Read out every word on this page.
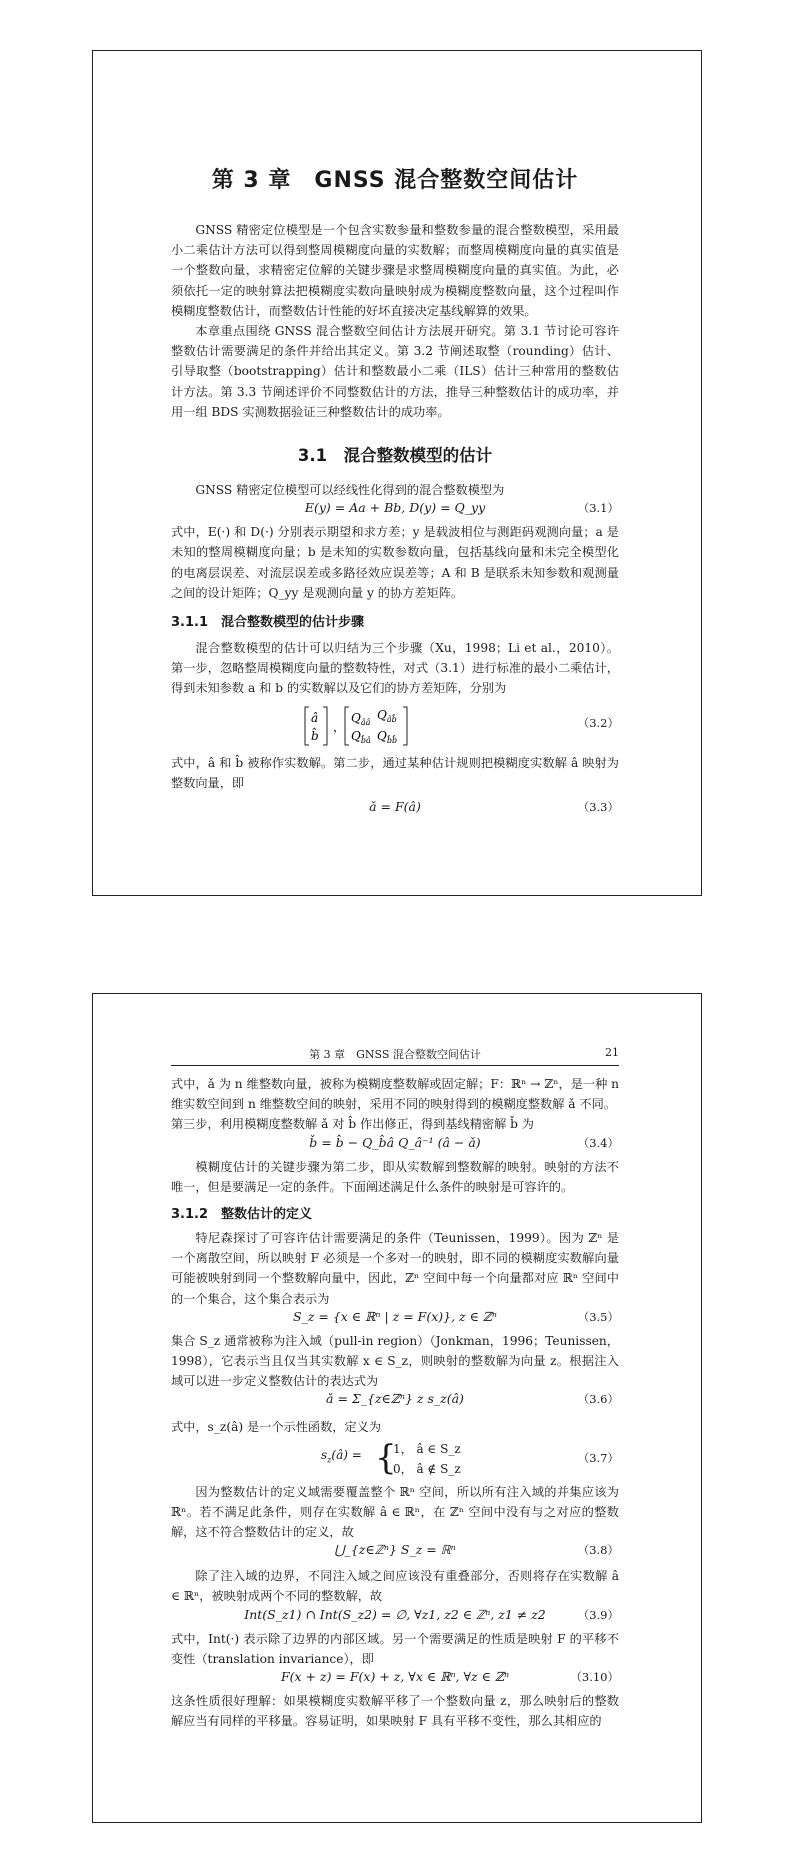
第 3 章　GNSS 混合整数空间估计

GNSS 精密定位模型是一个包含实数参量和整数参量的混合整数模型，采用最小二乘估计方法可以得到整周模糊度向量的实数解；而整周模糊度向量的真实值是一个整数向量，求精密定位解的关键步骤是求整周模糊度向量的真实值。为此，必须依托一定的映射算法把模糊度实数向量映射成为模糊度整数向量，这个过程叫作模糊度整数估计，而整数估计性能的好坏直接决定基线解算的效果。

本章重点围绕 GNSS 混合整数空间估计方法展开研究。第 3.1 节讨论可容许整数估计需要满足的条件并给出其定义。第 3.2 节阐述取整（rounding）估计、引导取整（bootstrapping）估计和整数最小二乘（ILS）估计三种常用的整数估计方法。第 3.3 节阐述评价不同整数估计的方法，推导三种整数估计的成功率，并用一组 BDS 实测数据验证三种整数估计的成功率。

3.1　混合整数模型的估计

GNSS 精密定位模型可以经线性化得到的混合整数模型为

E(y) = Aa + Bb, D(y) = Q_yy	（3.1）

式中，E(·) 和 D(·) 分别表示期望和求方差；y 是载波相位与测距码观测向量；a 是未知的整周模糊度向量；b 是未知的实数参数向量，包括基线向量和未完全模型化的电离层误差、对流层误差或多路径效应误差等；A 和 B 是联系未知参数和观测量之间的设计矩阵；Q_yy 是观测向量 y 的协方差矩阵。

3.1.1　混合整数模型的估计步骤

混合整数模型的估计可以归结为三个步骤（Xu，1998；Li et al.，2010）。第一步，忽略整周模糊度向量的整数特性，对式（3.1）进行标准的最小二乘估计，得到未知参数 a 和 b 的实数解以及它们的协方差矩阵，分别为

â
b̂
，
$Q_{ââ}$
$Q_{âb̂}$
$Q_{b̂â}$ $Q_{b̂b̂}$
（3.2）

式中，â 和 b̂ 被称作实数解。第二步，通过某种估计规则把模糊度实数解 â 映射为整数向量，即

ǎ = F(â)	（3.3）
第 3 章　GNSS 混合整数空间估计	21

式中，ǎ 为 n 维整数向量，被称为模糊度整数解或固定解；F：ℝⁿ → ℤⁿ，是一种 n 维实数空间到 n 维整数空间的映射，采用不同的映射得到的模糊度整数解 ǎ 不同。

第三步，利用模糊度整数解 ǎ 对 b̂ 作出修正，得到基线精密解 b̌ 为

b̌ = b̂ − Q_b̂â Q_â⁻¹ (â − ǎ)	（3.4）

模糊度估计的关键步骤为第二步，即从实数解到整数解的映射。映射的方法不唯一，但是要满足一定的条件。下面阐述满足什么条件的映射是可容许的。

3.1.2　整数估计的定义

特尼森探讨了可容许估计需要满足的条件（Teunissen，1999）。因为 ℤⁿ 是一个离散空间，所以映射 F 必须是一个多对一的映射，即不同的模糊度实数解向量可能被映射到同一个整数解向量中，因此，ℤⁿ 空间中每一个向量都对应 ℝⁿ 空间中的一个集合，这个集合表示为

S_z = {x ∈ ℝⁿ | z = F(x)}, z ∈ ℤⁿ	（3.5）

集合 S_z 通常被称为注入域（pull-in region）（Jonkman，1996；Teunissen，1998），它表示当且仅当其实数解 x ∈ S_z，则映射的整数解为向量 z。根据注入域可以进一步定义整数估计的表达式为

ǎ = Σ_{z∈ℤⁿ} z s_z(â)	（3.6）

式中，s_z(â) 是一个示性函数，定义为

$s_z(â)$ = {
1， â ∈ S_z
0， â ∉ S_z
（3.7）

因为整数估计的定义域需要覆盖整个 ℝⁿ 空间，所以所有注入域的并集应该为 ℝⁿ。若不满足此条件，则存在实数解 â ∈ ℝⁿ，在 ℤⁿ 空间中没有与之对应的整数解，这不符合整数估计的定义，故

⋃_{z∈ℤⁿ} S_z = ℝⁿ	（3.8）

除了注入域的边界，不同注入域之间应该没有重叠部分，否则将存在实数解 â ∈ ℝⁿ，被映射成两个不同的整数解，故

Int(S_z1) ∩ Int(S_z2) = ∅, ∀z1, z2 ∈ ℤⁿ, z1 ≠ z2	（3.9）

式中，Int(·) 表示除了边界的内部区域。另一个需要满足的性质是映射 F 的平移不变性（translation invariance），即

F(x + z) = F(x) + z, ∀x ∈ ℝⁿ, ∀z ∈ ℤⁿ	（3.10）

这条性质很好理解：如果模糊度实数解平移了一个整数向量 z，那么映射后的整数解应当有同样的平移量。容易证明，如果映射 F 具有平移不变性，那么其相应的
